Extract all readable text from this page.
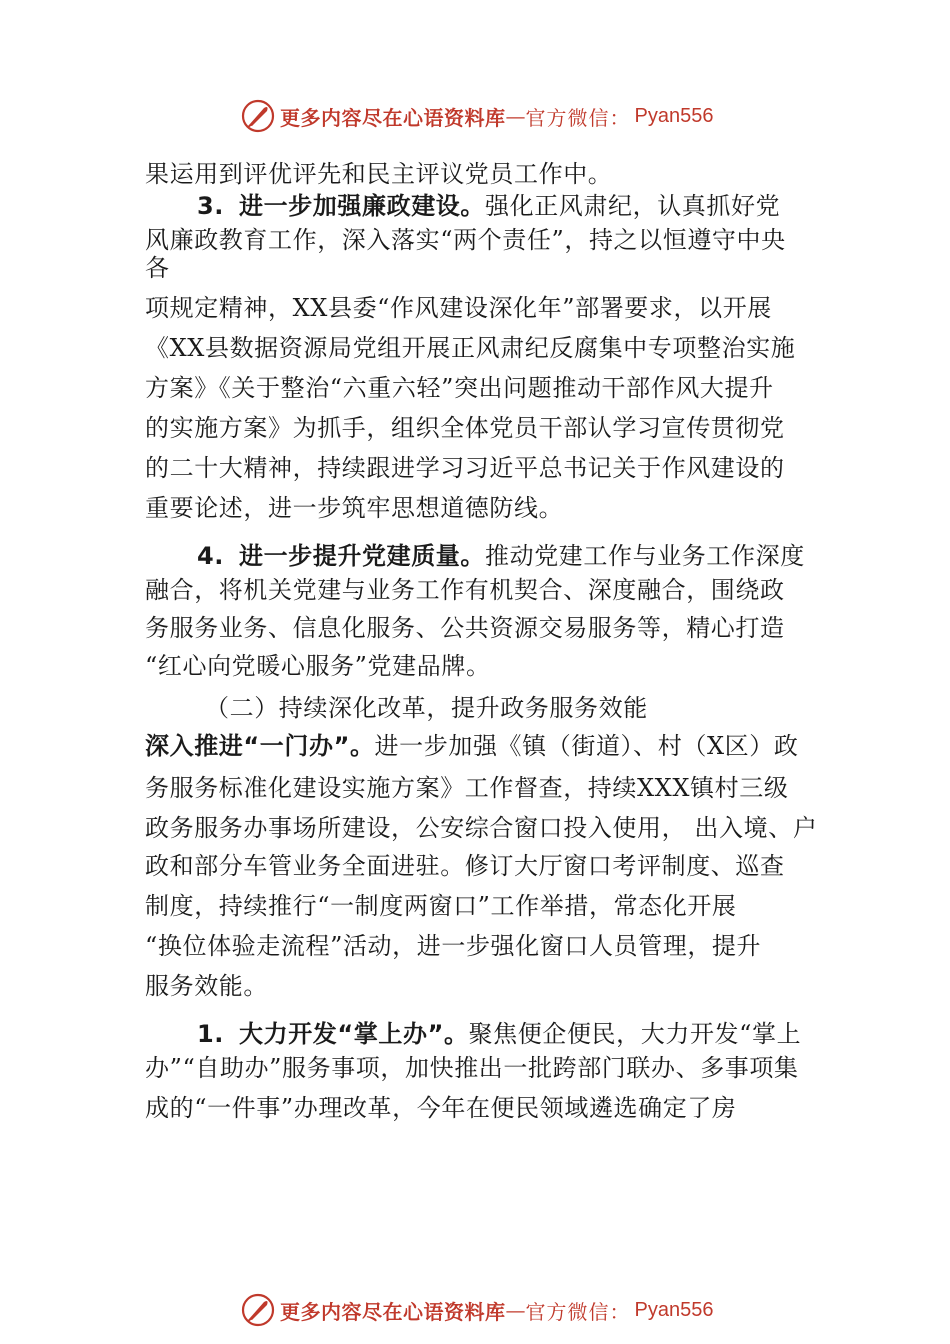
更多内容尽在心语资料库 — 官方微信： Pyan556
果运用到评优评先和民主评议党员工作中。
3. 进一步加强廉政建设。强化正风肃纪，认真抓好党
风廉政教育工作，深入落实“两个责任”，持之以恒遵守中央
各
项规定精神，XX县委“作风建设深化年”部署要求，以开展
《XX县数据资源局党组开展正风肃纪反腐集中专项整治实施
方案》《关于整治“六重六轻”突出问题推动干部作风大提升
的实施方案》为抓手，组织全体党员干部认学习宣传贯彻党
的二十大精神，持续跟进学习习近平总书记关于作风建设的
重要论述，进一步筑牢思想道德防线。
4. 进一步提升党建质量。推动党建工作与业务工作深度
融合，将机关党建与业务工作有机契合、深度融合，围绕政
务服务业务、信息化服务、公共资源交易服务等，精心打造
“红心向党暖心服务”党建品牌。
（二）持续深化改革，提升政务服务效能
深入推进“一门办”。进一步加强《镇（街道）、村（X区）政
务服务标准化建设实施方案》工作督查，持续XXX镇村三级
政务服务办事场所建设，公安综合窗口投入使用， 出入境、户
政和部分车管业务全面进驻。修订大厅窗口考评制度、巡查
制度，持续推行“一制度两窗口”工作举措，常态化开展
“换位体验走流程”活动，进一步强化窗口人员管理，提升
服务效能。
1. 大力开发“掌上办”。聚焦便企便民，大力开发“掌上
办”“自助办”服务事项，加快推出一批跨部门联办、多事项集
成的“一件事”办理改革，今年在便民领域遴选确定了房
更多内容尽在心语资料库 — 官方微信： Pyan556
